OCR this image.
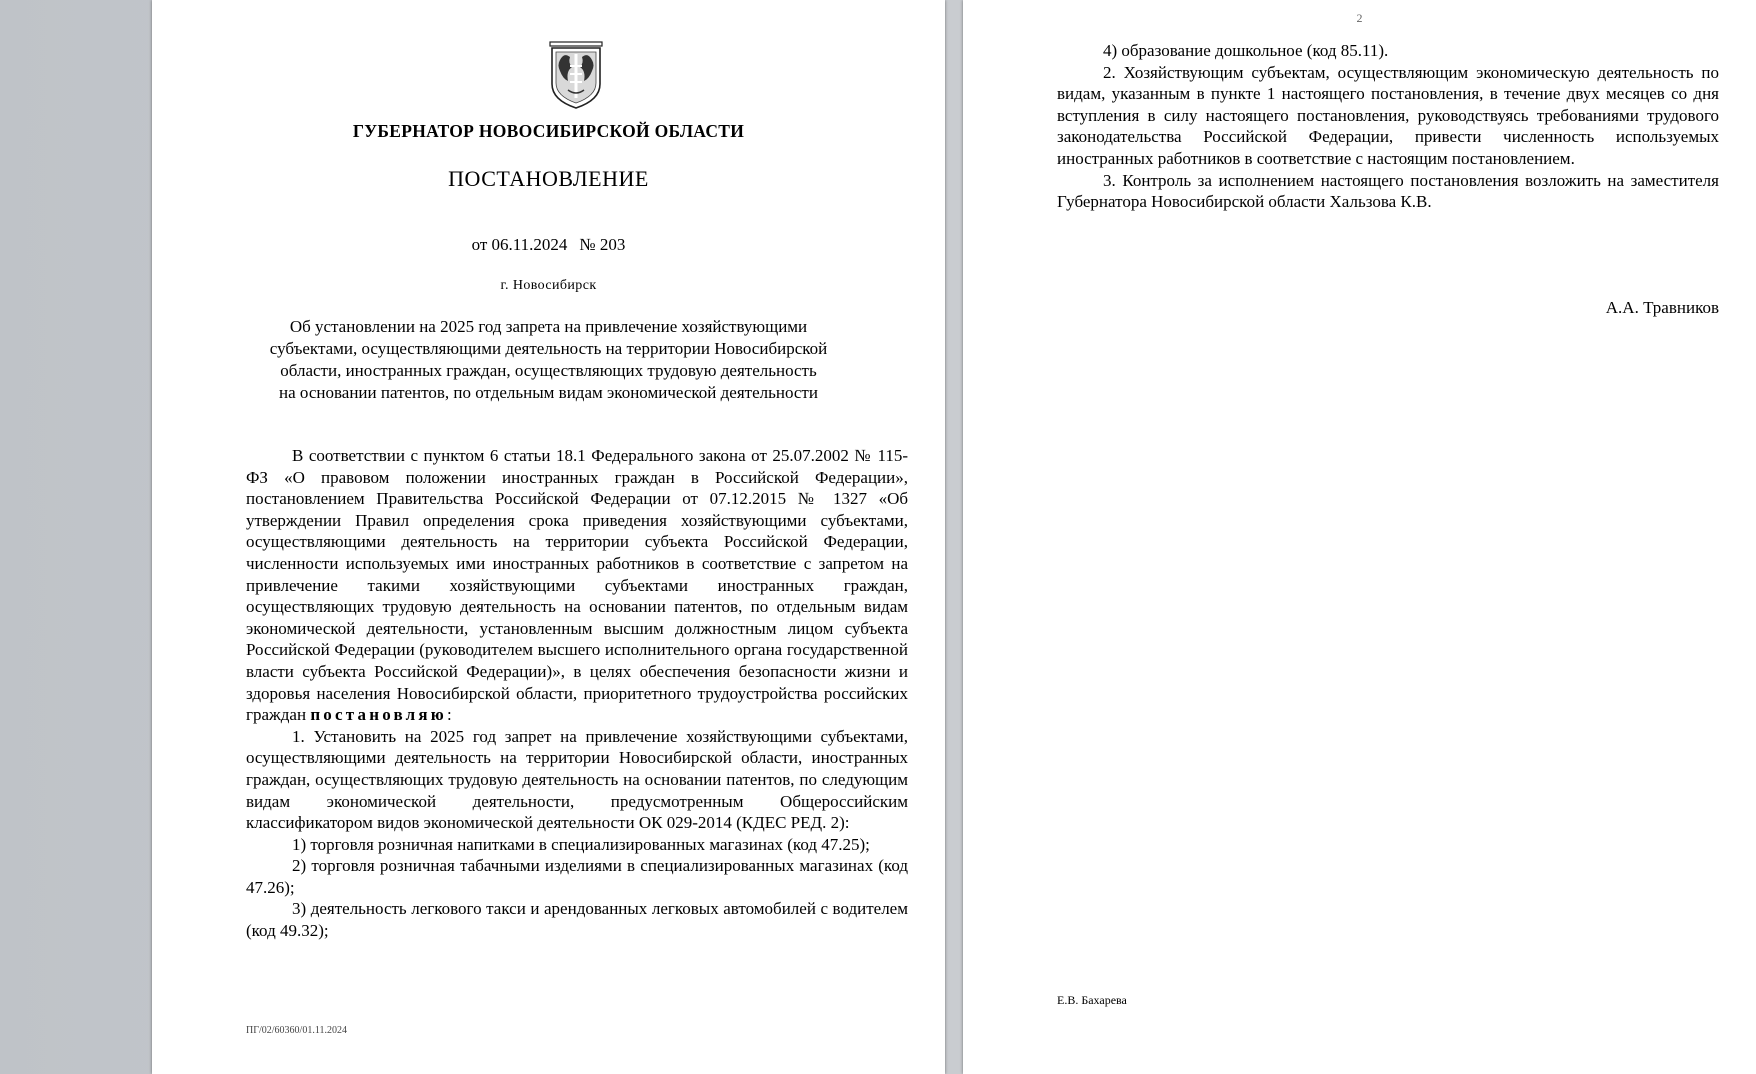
ГУБЕРНАТОР НОВОСИБИРСКОЙ ОБЛАСТИ
ПОСТАНОВЛЕНИЕ
от 06.11.2024 № 203
г. Новосибирск
Об установлении на 2025 год запрета на привлечение хозяйствующими
субъектами, осуществляющими деятельность на территории Новосибирской
области, иностранных граждан, осуществляющих трудовую деятельность
на основании патентов, по отдельным видам экономической деятельности

В соответствии с пунктом 6 статьи 18.1 Федерального закона от 25.07.2002 № 115-ФЗ «О правовом положении иностранных граждан в Российской Федерации», постановлением Правительства Российской Федерации от 07.12.2015 № 1327 «Об утверждении Правил определения срока приведения хозяйствующими субъектами, осуществляющими деятельность на территории субъекта Российской Федерации, численности используемых ими иностранных работников в соответствие с запретом на привлечение такими хозяйствующими субъектами иностранных граждан, осуществляющих трудовую деятельность на основании патентов, по отдельным видам экономической деятельности, установленным высшим должностным лицом субъекта Российской Федерации (руководителем высшего исполнительного органа государственной власти субъекта Российской Федерации)», в целях обеспечения безопасности жизни и здоровья населения Новосибирской области, приоритетного трудоустройства российских граждан постановляю:

1. Установить на 2025 год запрет на привлечение хозяйствующими субъектами, осуществляющими деятельность на территории Новосибирской области, иностранных граждан, осуществляющих трудовую деятельность на основании патентов, по следующим видам экономической деятельности, предусмотренным Общероссийским классификатором видов экономической деятельности ОК 029-2014 (КДЕС РЕД. 2):

1) торговля розничная напитками в специализированных магазинах (код 47.25);

2) торговля розничная табачными изделиями в специализированных магазинах (код 47.26);

3) деятельность легкового такси и арендованных легковых автомобилей с водителем (код 49.32);

ПГ/02/60360/01.11.2024
2

4) образование дошкольное (код 85.11).

2. Хозяйствующим субъектам, осуществляющим экономическую деятельность по видам, указанным в пункте 1 настоящего постановления, в течение двух месяцев со дня вступления в силу настоящего постановления, руководствуясь требованиями трудового законодательства Российской Федерации, привести численность используемых иностранных работников в соответствие с настоящим постановлением.

3. Контроль за исполнением настоящего постановления возложить на заместителя Губернатора Новосибирской области Хальзова К.В.

А.А. Травников
Е.В. Бахарева
